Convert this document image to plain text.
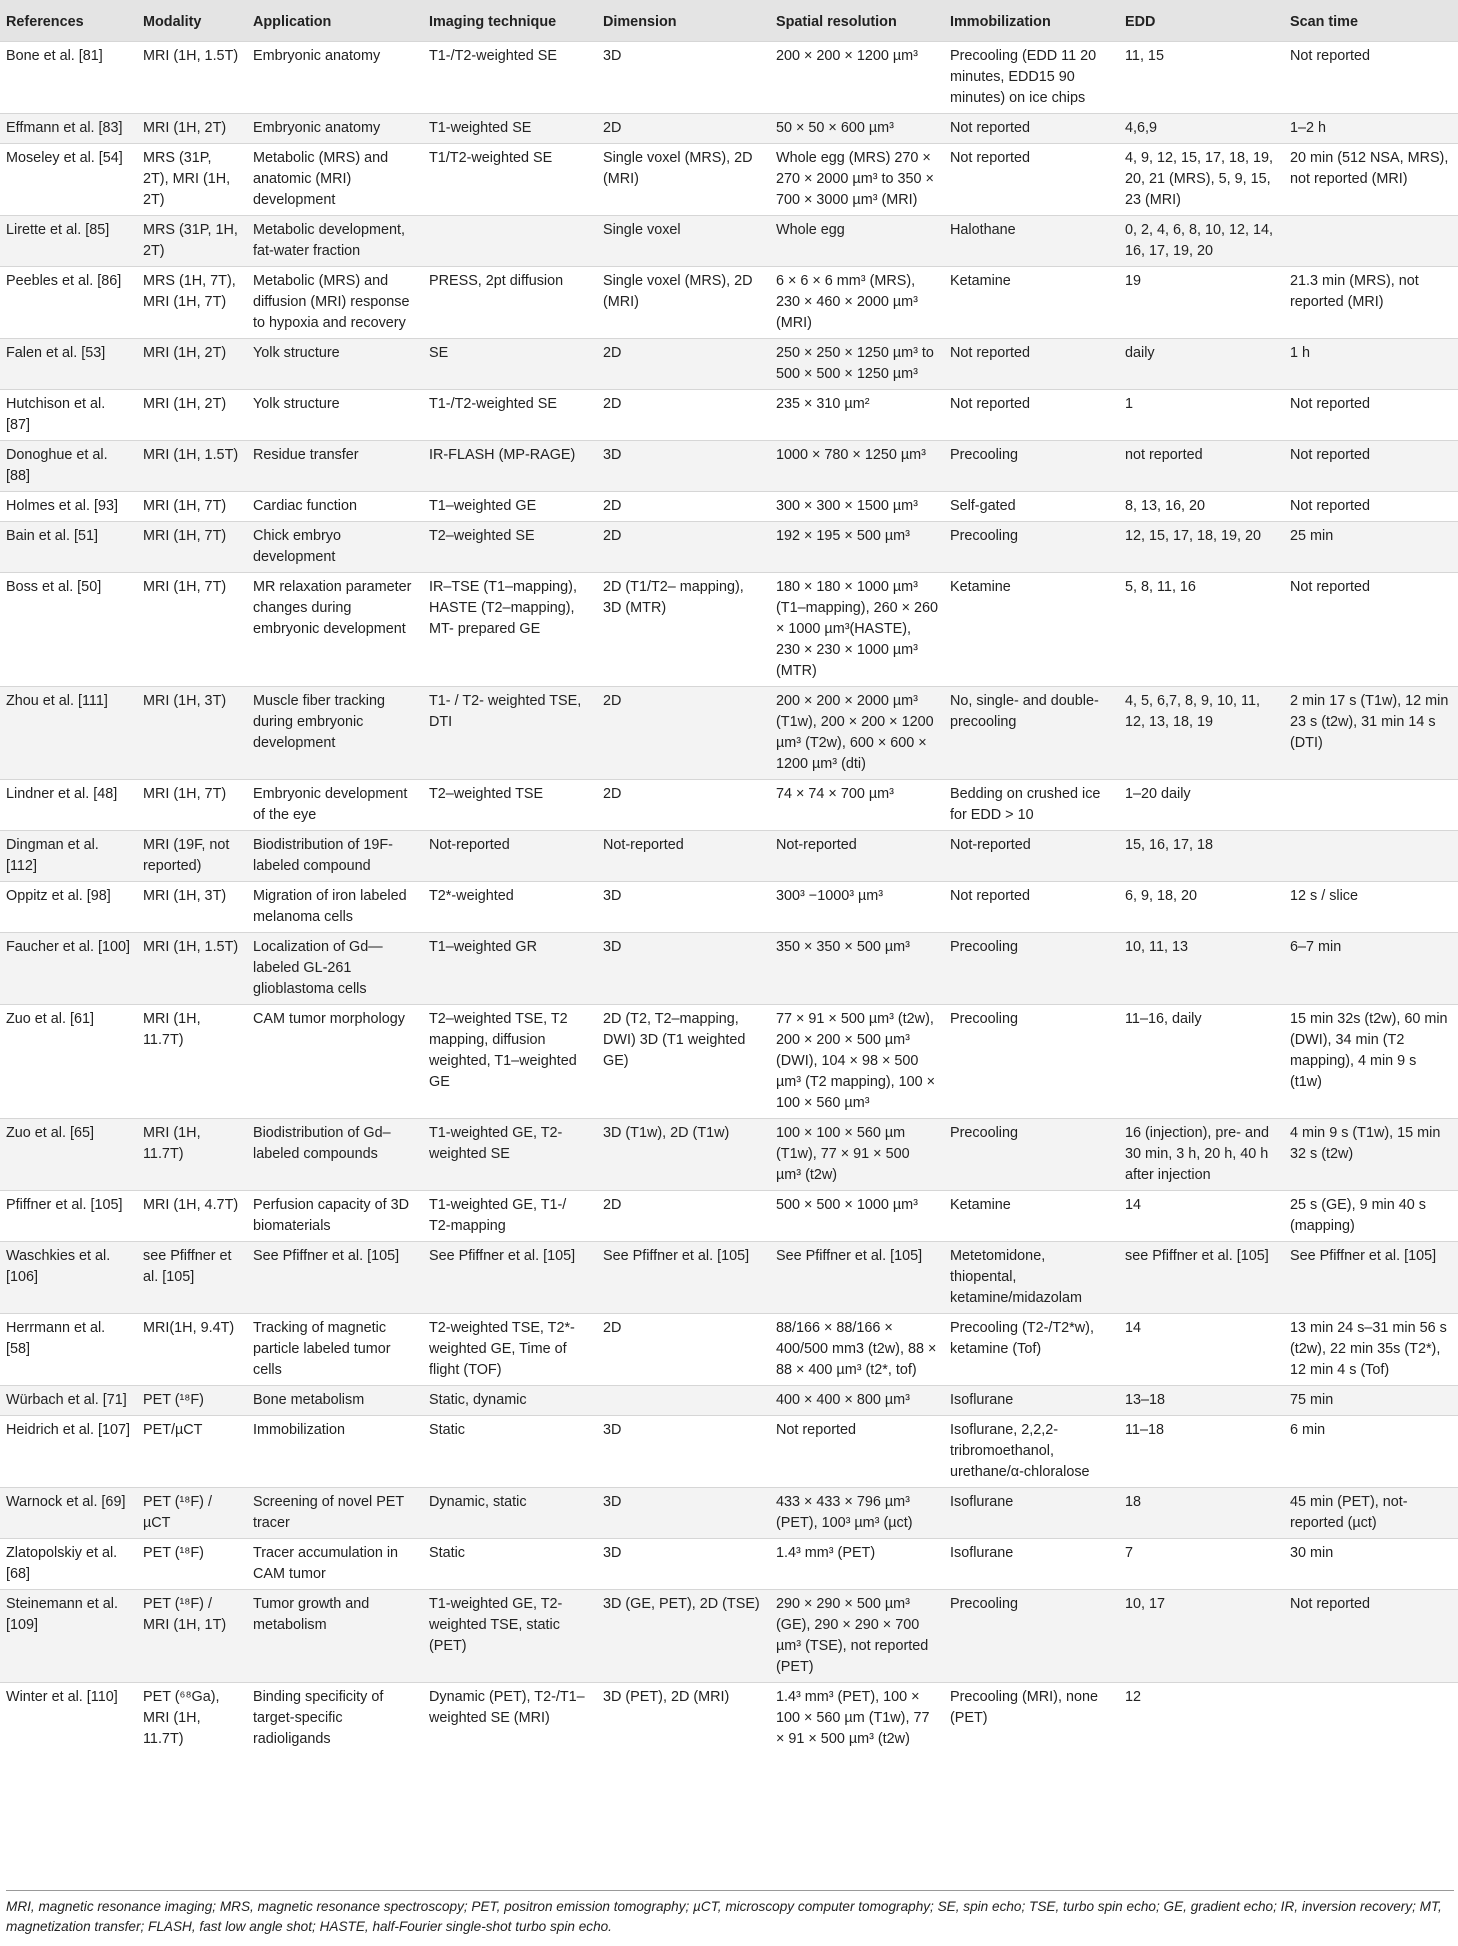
References	Modality	Application	Imaging technique	Dimension	Spatial resolution	Immobilization	EDD	Scan time
Bone et al. [81]	MRI (1H, 1.5T)	Embryonic anatomy	T1-/T2-weighted SE	3D	200 × 200 × 1200 µm³	Precooling (EDD 11 20 minutes, EDD15 90 minutes) on ice chips	11, 15	Not reported
Effmann et al. [83]	MRI (1H, 2T)	Embryonic anatomy	T1-weighted SE	2D	50 × 50 × 600 µm³	Not reported	4,6,9	1–2 h
Moseley et al. [54]	MRS (31P, 2T), MRI (1H, 2T)	Metabolic (MRS) and anatomic (MRI) development	T1/T2-weighted SE	Single voxel (MRS), 2D (MRI)	Whole egg (MRS) 270 × 270 × 2000 µm³ to 350 × 700 × 3000 µm³ (MRI)	Not reported	4, 9, 12, 15, 17, 18, 19, 20, 21 (MRS), 5, 9, 15, 23 (MRI)	20 min (512 NSA, MRS), not reported (MRI)
Lirette et al. [85]	MRS (31P, 1H, 2T)	Metabolic development, fat-water fraction		Single voxel	Whole egg	Halothane	0, 2, 4, 6, 8, 10, 12, 14, 16, 17, 19, 20	
Peebles et al. [86]	MRS (1H, 7T), MRI (1H, 7T)	Metabolic (MRS) and diffusion (MRI) response to hypoxia and recovery	PRESS, 2pt diffusion	Single voxel (MRS), 2D (MRI)	6 × 6 × 6 mm³ (MRS), 230 × 460 × 2000 µm³ (MRI)	Ketamine	19	21.3 min (MRS), not reported (MRI)
Falen et al. [53]	MRI (1H, 2T)	Yolk structure	SE	2D	250 × 250 × 1250 µm³ to 500 × 500 × 1250 µm³	Not reported	daily	1 h
Hutchison et al. [87]	MRI (1H, 2T)	Yolk structure	T1-/T2-weighted SE	2D	235 × 310 µm²	Not reported	1	Not reported
Donoghue et al. [88]	MRI (1H, 1.5T)	Residue transfer	IR-FLASH (MP-RAGE)	3D	1000 × 780 × 1250 µm³	Precooling	not reported	Not reported
Holmes et al. [93]	MRI (1H, 7T)	Cardiac function	T1–weighted GE	2D	300 × 300 × 1500 µm³	Self-gated	8, 13, 16, 20	Not reported
Bain et al. [51]	MRI (1H, 7T)	Chick embryo development	T2–weighted SE	2D	192 × 195 × 500 µm³	Precooling	12, 15, 17, 18, 19, 20	25 min
Boss et al. [50]	MRI (1H, 7T)	MR relaxation parameter changes during embryonic development	IR–TSE (T1–mapping), HASTE (T2–mapping), MT- prepared GE	2D (T1/T2– mapping), 3D (MTR)	180 × 180 × 1000 µm³ (T1–mapping), 260 × 260 × 1000 µm³(HASTE), 230 × 230 × 1000 µm³ (MTR)	Ketamine	5, 8, 11, 16	Not reported
Zhou et al. [111]	MRI (1H, 3T)	Muscle fiber tracking during embryonic development	T1- / T2- weighted TSE, DTI	2D	200 × 200 × 2000 µm³ (T1w), 200 × 200 × 1200 µm³ (T2w), 600 × 600 × 1200 µm³ (dti)	No, single- and double-precooling	4, 5, 6,7, 8, 9, 10, 11, 12, 13, 18, 19	2 min 17 s (T1w), 12 min 23 s (t2w), 31 min 14 s (DTI)
Lindner et al. [48]	MRI (1H, 7T)	Embryonic development of the eye	T2–weighted TSE	2D	74 × 74 × 700 µm³	Bedding on crushed ice for EDD > 10	1–20 daily	
Dingman et al. [112]	MRI (19F, not reported)	Biodistribution of 19F-labeled compound	Not-reported	Not-reported	Not-reported	Not-reported	15, 16, 17, 18	
Oppitz et al. [98]	MRI (1H, 3T)	Migration of iron labeled melanoma cells	T2*-weighted	3D	300³ −1000³ µm³	Not reported	6, 9, 18, 20	12 s / slice
Faucher et al. [100]	MRI (1H, 1.5T)	Localization of Gd—labeled GL-261 glioblastoma cells	T1–weighted GR	3D	350 × 350 × 500 µm³	Precooling	10, 11, 13	6–7 min
Zuo et al. [61]	MRI (1H, 11.7T)	CAM tumor morphology	T2–weighted TSE, T2 mapping, diffusion weighted, T1–weighted GE	2D (T2, T2–mapping, DWI) 3D (T1 weighted GE)	77 × 91 × 500 µm³ (t2w), 200 × 200 × 500 µm³ (DWI), 104 × 98 × 500 µm³ (T2 mapping), 100 × 100 × 560 µm³	Precooling	11–16, daily	15 min 32s (t2w), 60 min (DWI), 34 min (T2 mapping), 4 min 9 s (t1w)
Zuo et al. [65]	MRI (1H, 11.7T)	Biodistribution of Gd–labeled compounds	T1-weighted GE, T2-weighted SE	3D (T1w), 2D (T1w)	100 × 100 × 560 µm (T1w), 77 × 91 × 500 µm³ (t2w)	Precooling	16 (injection), pre- and 30 min, 3 h, 20 h, 40 h after injection	4 min 9 s (T1w), 15 min 32 s (t2w)
Pfiffner et al. [105]	MRI (1H, 4.7T)	Perfusion capacity of 3D biomaterials	T1-weighted GE, T1-/ T2-mapping	2D	500 × 500 × 1000 µm³	Ketamine	14	25 s (GE), 9 min 40 s (mapping)
Waschkies et al. [106]	see Pfiffner et al. [105]	See Pfiffner et al. [105]	See Pfiffner et al. [105]	See Pfiffner et al. [105]	See Pfiffner et al. [105]	Metetomidone, thiopental, ketamine/midazolam	see Pfiffner et al. [105]	See Pfiffner et al. [105]
Herrmann et al. [58]	MRI(1H, 9.4T)	Tracking of magnetic particle labeled tumor cells	T2-weighted TSE, T2*-weighted GE, Time of flight (TOF)	2D	88/166 × 88/166 × 400/500 mm3 (t2w), 88 × 88 × 400 µm³ (t2*, tof)	Precooling (T2-/T2*w), ketamine (Tof)	14	13 min 24 s–31 min 56 s (t2w), 22 min 35s (T2*), 12 min 4 s (Tof)
Würbach et al. [71]	PET (¹⁸F)	Bone metabolism	Static, dynamic		400 × 400 × 800 µm³	Isoflurane	13–18	75 min
Heidrich et al. [107]	PET/µCT	Immobilization	Static	3D	Not reported	Isoflurane, 2,2,2-tribromoethanol, urethane/α-chloralose	11–18	6 min
Warnock et al. [69]	PET (¹⁸F) / µCT	Screening of novel PET tracer	Dynamic, static	3D	433 × 433 × 796 µm³ (PET), 100³ µm³ (µct)	Isoflurane	18	45 min (PET), not-reported (µct)
Zlatopolskiy et al. [68]	PET (¹⁸F)	Tracer accumulation in CAM tumor	Static	3D	1.4³ mm³ (PET)	Isoflurane	7	30 min
Steinemann et al. [109]	PET (¹⁸F) / MRI (1H, 1T)	Tumor growth and metabolism	T1-weighted GE, T2-weighted TSE, static (PET)	3D (GE, PET), 2D (TSE)	290 × 290 × 500 µm³ (GE), 290 × 290 × 700 µm³ (TSE), not reported (PET)	Precooling	10, 17	Not reported
Winter et al. [110]	PET (⁶⁸Ga), MRI (1H, 11.7T)	Binding specificity of target-specific radioligands	Dynamic (PET), T2-/T1–weighted SE (MRI)	3D (PET), 2D (MRI)	1.4³ mm³ (PET), 100 × 100 × 560 µm (T1w), 77 × 91 × 500 µm³ (t2w)	Precooling (MRI), none (PET)	12	
MRI, magnetic resonance imaging; MRS, magnetic resonance spectroscopy; PET, positron emission tomography; µCT, microscopy computer tomography; SE, spin echo; TSE, turbo spin echo; GE, gradient echo; IR, inversion recovery; MT, magnetization transfer; FLASH, fast low angle shot; HASTE, half-Fourier single-shot turbo spin echo.
